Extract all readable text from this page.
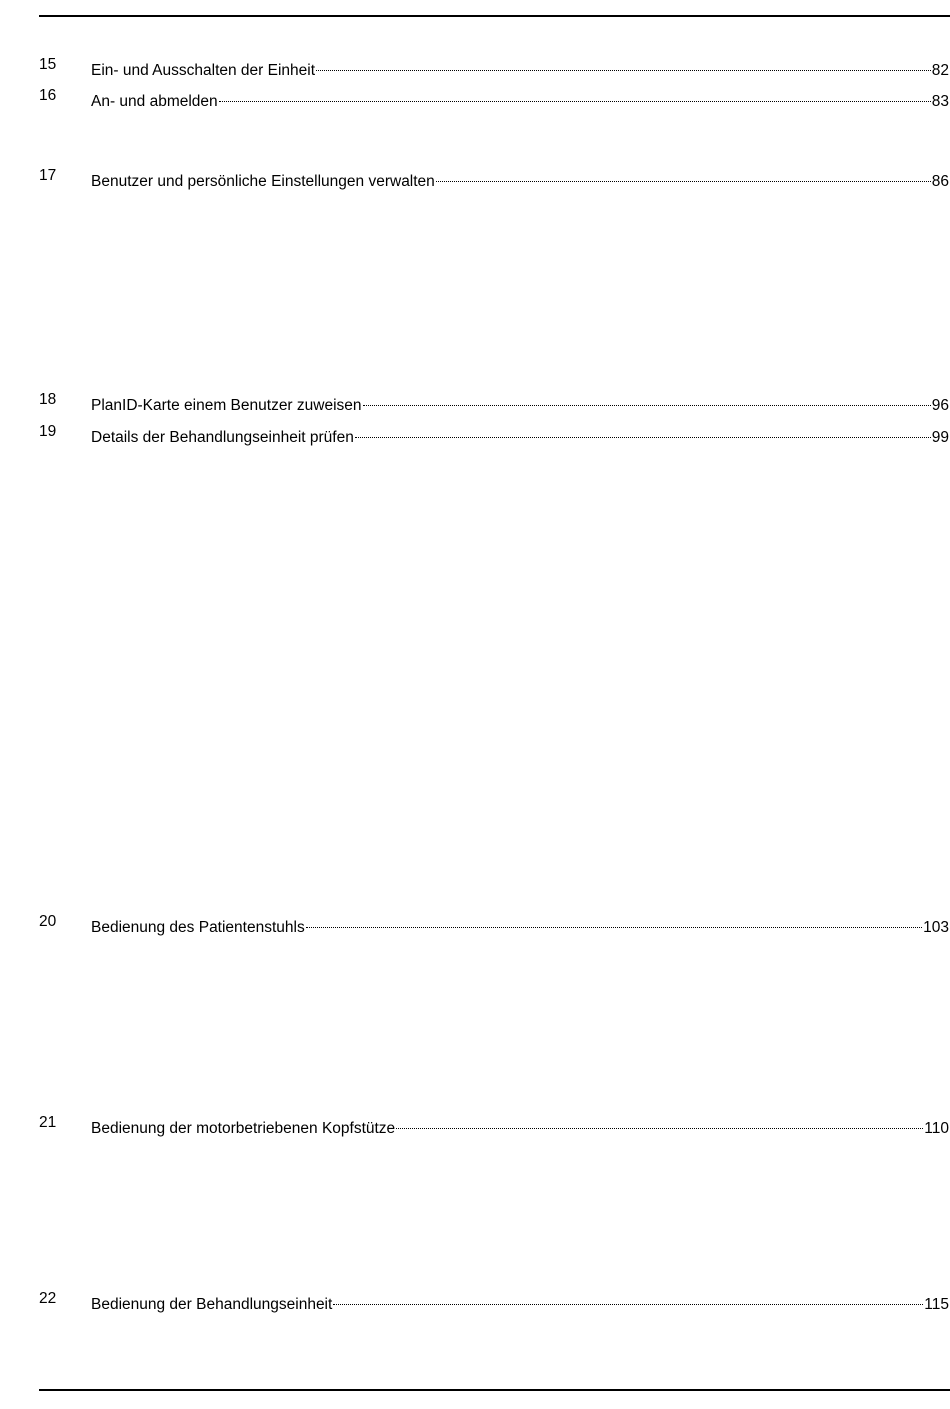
15	Ein- und Ausschalten der Einheit	82
16	An- und abmelden	83
17	Benutzer und persönliche Einstellungen verwalten	86
18	PlanID-Karte einem Benutzer zuweisen	96
19	Details der Behandlungseinheit prüfen	99
20	Bedienung des Patientenstuhls	103
21	Bedienung der motorbetriebenen Kopfstütze	110
22	Bedienung der Behandlungseinheit	115
